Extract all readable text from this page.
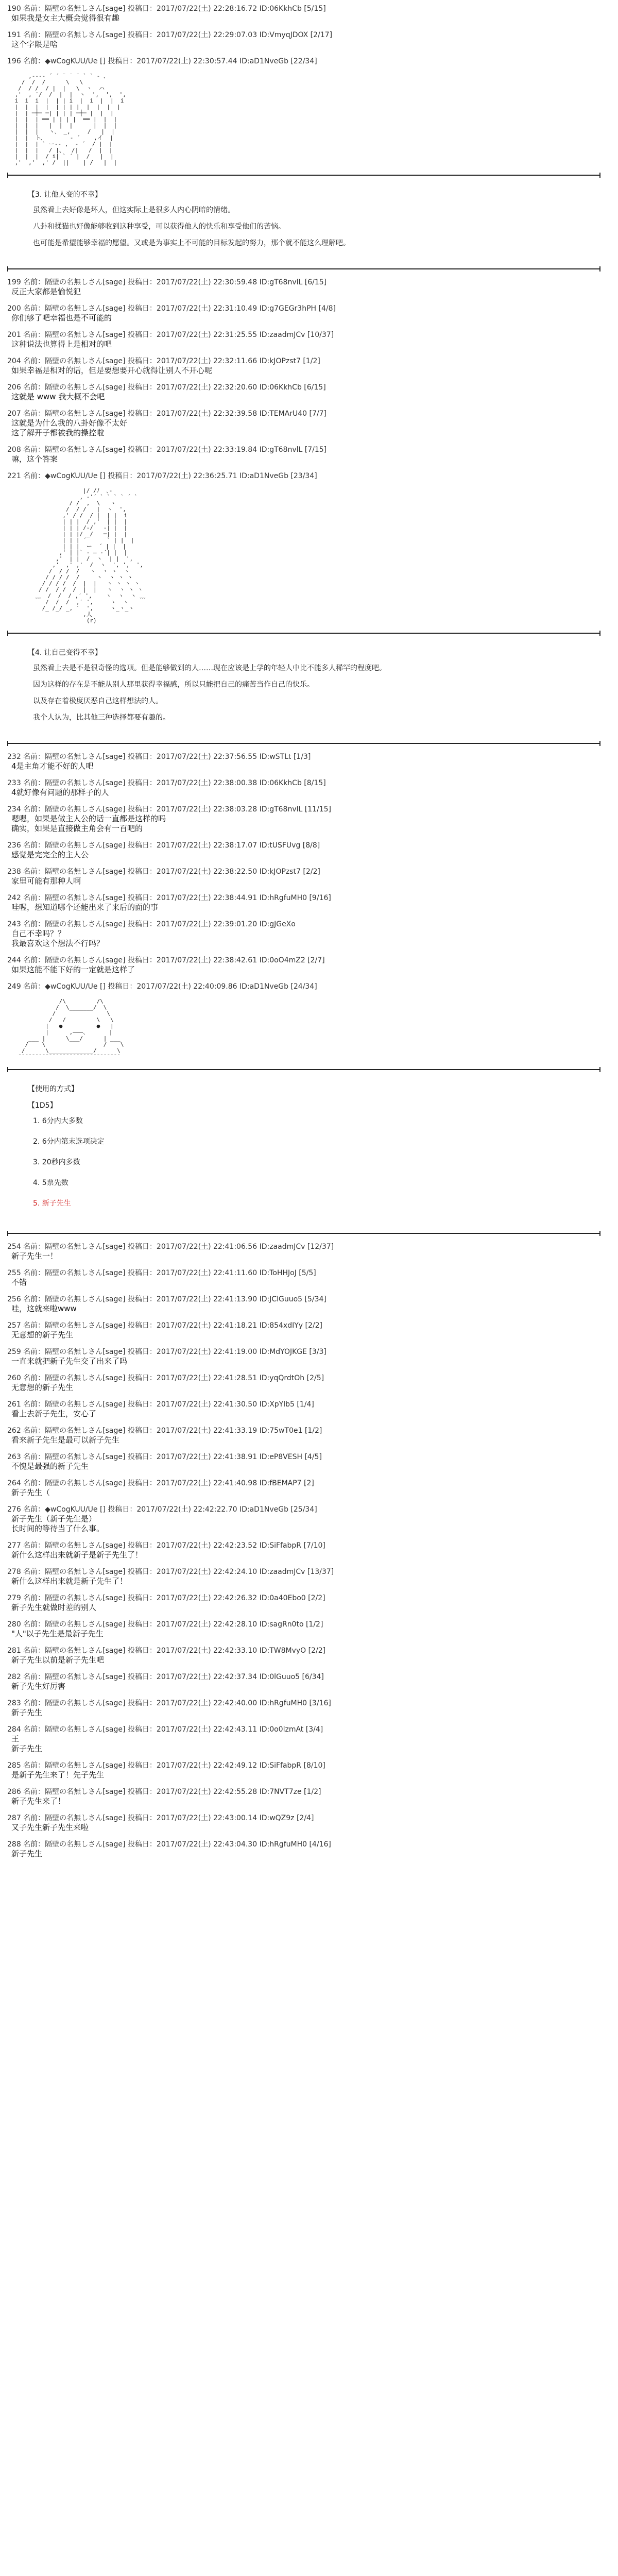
190 名前：隔壁の名無しさん[sage] 投稿日：2017/07/22(土) 22:28:16.72 ID:06KkhCb [5/15]
如果我是女主大概会觉得很有趣
191 名前：隔壁の名無しさん[sage] 投稿日：2017/07/22(土) 22:29:07.03 ID:VmyqJDOX [2/17]
这个字限是啥
196 名前：◆wCogKUU/Ue [] 投稿日：2017/07/22(土) 22:30:57.44 ID:aD1NveGb [22/34]
,---- ´ ´ ¨ ¨ ¨ ` ` ‐ 、
/  /  /      \   \
/  / /  / |  |   \  ヽ  ハ
,'  , ′/  /  |  |  ヽ  ',  ',  ',
i  i  i  |  | | i  |  i  |  |  i
|  |  |  |  | | | |  |  |  |  |
|  | ─┼─ ─| | | | ─┼─ |  |  |
|  |  | ━━ | | | |  ━━ |  |  |
|  |  |   |  |  |      |  |  |
|  |  |   ヽ、 _,     /   |  |
|  |  ト、       ‐ ´    ,イ  |
|  |  | ` ー-- ,  ‐ ´  / |  |
|  |  |   / |、  /|   /  |  |
|  |  |  / i| ` ´ |  /   |  |
,'  ,'  ,' /  ||    | /   |  |
【3. 让他人变的不幸】

虽然看上去好像是坏人，但这实际上是很多人内心阴暗的情绪。

八卦和揉猫也好像能够收到这种享受，可以获得他人的快乐和享受他们的苦恼。

也可能是希望能够幸福的愿望。又或是为事实上不可能的目标发起的努力，那个就不能这么理解吧。

199 名前：隔壁の名無しさん[sage] 投稿日：2017/07/22(土) 22:30:59.48 ID:gT68nvlL [6/15]
反正大家都是愉悦犯
200 名前：隔壁の名無しさん[sage] 投稿日：2017/07/22(土) 22:31:10.49 ID:g7GEGr3hPH [4/8]
你们够了吧幸福也是不可能的
201 名前：隔壁の名無しさん[sage] 投稿日：2017/07/22(土) 22:31:25.55 ID:zaadmJCv [10/37]
这种说法也算得上是相对的吧
204 名前：隔壁の名無しさん[sage] 投稿日：2017/07/22(土) 22:32:11.66 ID:kJOPzst7 [1/2]
如果幸福是相对的话，但是要想要开心就得让别人不开心呢
206 名前：隔壁の名無しさん[sage] 投稿日：2017/07/22(土) 22:32:20.60 ID:06KkhCb [6/15]
这就是 www 我大概不会吧
207 名前：隔壁の名無しさん[sage] 投稿日：2017/07/22(土) 22:32:39.58 ID:TEMArU40 [7/7]
这就是为什么我的八卦好像不太好
这了解开子都被我的操控啦
208 名前：隔壁の名無しさん[sage] 投稿日：2017/07/22(土) 22:33:19.84 ID:gT68nvlL [7/15]
嘛，这个答案
221 名前：◆wCogKUU/Ue [] 投稿日：2017/07/22(土) 22:36:25.71 ID:aD1NveGb [23/34]
|/ /ﾉ  ､‐
, ‐'´ ` ` ` ` ´ `
/ /  ,  \   ヽ
/  / /   |  ヽ  ',
,' / /  / |  | |  i
| | |  / ,'  | |  |
| | | /‐/   ‐| |  |
| | |/ _/   ─| |  |
| | | ´      ` | |  |
| | |  ー  ´ | |  |
,' | |` ‐ ― ‐´| |  |
,'  | |  /  ヽ  | |  ',
,'  ,' ,'  /  ヽ  ', ',  ',
/  / /  /   ヽ  ヽ ヽ  ヽ
/ / / /  /     ヽ  ヽ ヽ ヽ
/ / / /  /  |  |   ヽ ヽ ヽ ヽ
/ /  / /  /  |  |   ヽ  ヽ ヽ ヽ
﹏  /  /  / ,′ ',    ヽ  ヽ  ヽ ﹏
/  /  /  ,′ ',     ヽ  ヽ
/_ /_/ _, ′  ',     ヽ_ヽ_ヽ
,人
(r)
【4. 让自己变得不幸】

虽然看上去是不是很奇怪的选项。但是能够做到的人……现在应该是上学的年轻人中比不能多人稀罕的程度吧。

因为这样的存在是不能从别人那里获得幸福感，所以只能把自己的痛苦当作自己的快乐。

以及存在着极度厌恶自己这样想法的人。

我个人认为，比其他三种选择都要有趣的。

232 名前：隔壁の名無しさん[sage] 投稿日：2017/07/22(土) 22:37:56.55 ID:wSTLt [1/3]
4是主角才能不好的人吧
233 名前：隔壁の名無しさん[sage] 投稿日：2017/07/22(土) 22:38:00.38 ID:06KkhCb [8/15]
4就好像有问题的那样子的人
234 名前：隔壁の名無しさん[sage] 投稿日：2017/07/22(土) 22:38:03.28 ID:gT68nvlL [11/15]
嗯嗯，如果是做主人公的话一直都是这样的吗
确实，如果是直接做主角会有一百吧的
236 名前：隔壁の名無しさん[sage] 投稿日：2017/07/22(土) 22:38:17.07 ID:tUSFUvg [8/8]
感觉是完完全的主人公
238 名前：隔壁の名無しさん[sage] 投稿日：2017/07/22(土) 22:38:22.50 ID:kJOPzst7 [2/2]
家里可能有那种人啊
242 名前：隔壁の名無しさん[sage] 投稿日：2017/07/22(土) 22:38:44.91 ID:hRgfuMH0 [9/16]
哇喔，想知道哪个还能出来了来后的面的事
243 名前：隔壁の名無しさん[sage] 投稿日：2017/07/22(土) 22:39:01.20 ID:gJGeXo
自己不幸吗？？
我最喜欢这个想法不行吗？
244 名前：隔壁の名無しさん[sage] 投稿日：2017/07/22(土) 22:38:42.61 ID:0oO4mZ2 [2/7]
如果这能不能下好的一定就是这样了
249 名前：◆wCogKUU/Ue [] 投稿日：2017/07/22(土) 22:40:09.86 ID:aD1NveGb [24/34]
/\         /\
/  \_______/  \
/               \
/   /         \   \
|   ●          ●   |
|      ,―――、      |
___ |      \___/      | ___
/    \                 /    \
/      \_____________/      \
¯¯¯¯¯¯¯¯¯¯¯¯¯¯¯¯¯¯¯¯¯¯¯¯¯¯¯¯¯¯
【使用的方式】
【1D5】
1. 6分内大多数
2. 6分内第末选项决定
3. 20秒内多数
4. 5票先数
5. 新子先生
254 名前：隔壁の名無しさん[sage] 投稿日：2017/07/22(土) 22:41:06.56 ID:zaadmJCv [12/37]
新子先生一！
255 名前：隔壁の名無しさん[sage] 投稿日：2017/07/22(土) 22:41:11.60 ID:ToHHJoJ [5/5]
不错
256 名前：隔壁の名無しさん[sage] 投稿日：2017/07/22(土) 22:41:13.90 ID:JClGuuo5 [5/34]
哇，这就来啦www
257 名前：隔壁の名無しさん[sage] 投稿日：2017/07/22(土) 22:41:18.21 ID:854xdIYy [2/2]
无意想的新子先生
259 名前：隔壁の名無しさん[sage] 投稿日：2017/07/22(土) 22:41:19.00 ID:MdYOJKGE [3/3]
一直来就把新子先生交了出来了吗
260 名前：隔壁の名無しさん[sage] 投稿日：2017/07/22(土) 22:41:28.51 ID:yqQrdtOh [2/5]
无意想的新子先生
261 名前：隔壁の名無しさん[sage] 投稿日：2017/07/22(土) 22:41:30.50 ID:XpYlb5 [1/4]
看上去新子先生，安心了
262 名前：隔壁の名無しさん[sage] 投稿日：2017/07/22(土) 22:41:33.19 ID:75wT0e1 [1/2]
看来新子先生是最可以新子先生
263 名前：隔壁の名無しさん[sage] 投稿日：2017/07/22(土) 22:41:38.91 ID:eP8VESH [4/5]
不愧是最强的新子先生
264 名前：隔壁の名無しさん[sage] 投稿日：2017/07/22(土) 22:41:40.98 ID:fBEMAP7 [2]
新子先生（
276 名前：◆wCogKUU/Ue [] 投稿日：2017/07/22(土) 22:42:22.70 ID:aD1NveGb [25/34]
新子先生（新子先生是）
长时间的等待当了什么事。
277 名前：隔壁の名無しさん[sage] 投稿日：2017/07/22(土) 22:42:23.52 ID:SiFfabpR [7/10]
新什么这样出来就新子是新子先生了！
278 名前：隔壁の名無しさん[sage] 投稿日：2017/07/22(土) 22:42:24.10 ID:zaadmJCv [13/37]
新什么这样出来就是新子先生了！
279 名前：隔壁の名無しさん[sage] 投稿日：2017/07/22(土) 22:42:26.32 ID:0a40Ebo0 [2/2]
新子先生就做时差的别人
280 名前：隔壁の名無しさん[sage] 投稿日：2017/07/22(土) 22:42:28.10 ID:sagRn0to [1/2]
"人"以子先生是最新子先生
281 名前：隔壁の名無しさん[sage] 投稿日：2017/07/22(土) 22:42:33.10 ID:TW8MvyO [2/2]
新子先生以前是新子先生吧
282 名前：隔壁の名無しさん[sage] 投稿日：2017/07/22(土) 22:42:37.34 ID:0lGuuo5 [6/34]
新子先生好厉害
283 名前：隔壁の名無しさん[sage] 投稿日：2017/07/22(土) 22:42:40.00 ID:hRgfuMH0 [3/16]
新子先生
284 名前：隔壁の名無しさん[sage] 投稿日：2017/07/22(土) 22:42:43.11 ID:0o0lzmAt [3/4]
王
新子先生
285 名前：隔壁の名無しさん[sage] 投稿日：2017/07/22(土) 22:42:49.12 ID:SiFfabpR [8/10]
是新子先生来了！先子先生
286 名前：隔壁の名無しさん[sage] 投稿日：2017/07/22(土) 22:42:55.28 ID:7NVT7ze [1/2]
新子先生来了！
287 名前：隔壁の名無しさん[sage] 投稿日：2017/07/22(土) 22:43:00.14 ID:wQZ9z [2/4]
又子先生新子先生来啦
288 名前：隔壁の名無しさん[sage] 投稿日：2017/07/22(土) 22:43:04.30 ID:hRgfuMH0 [4/16]
新子先生
